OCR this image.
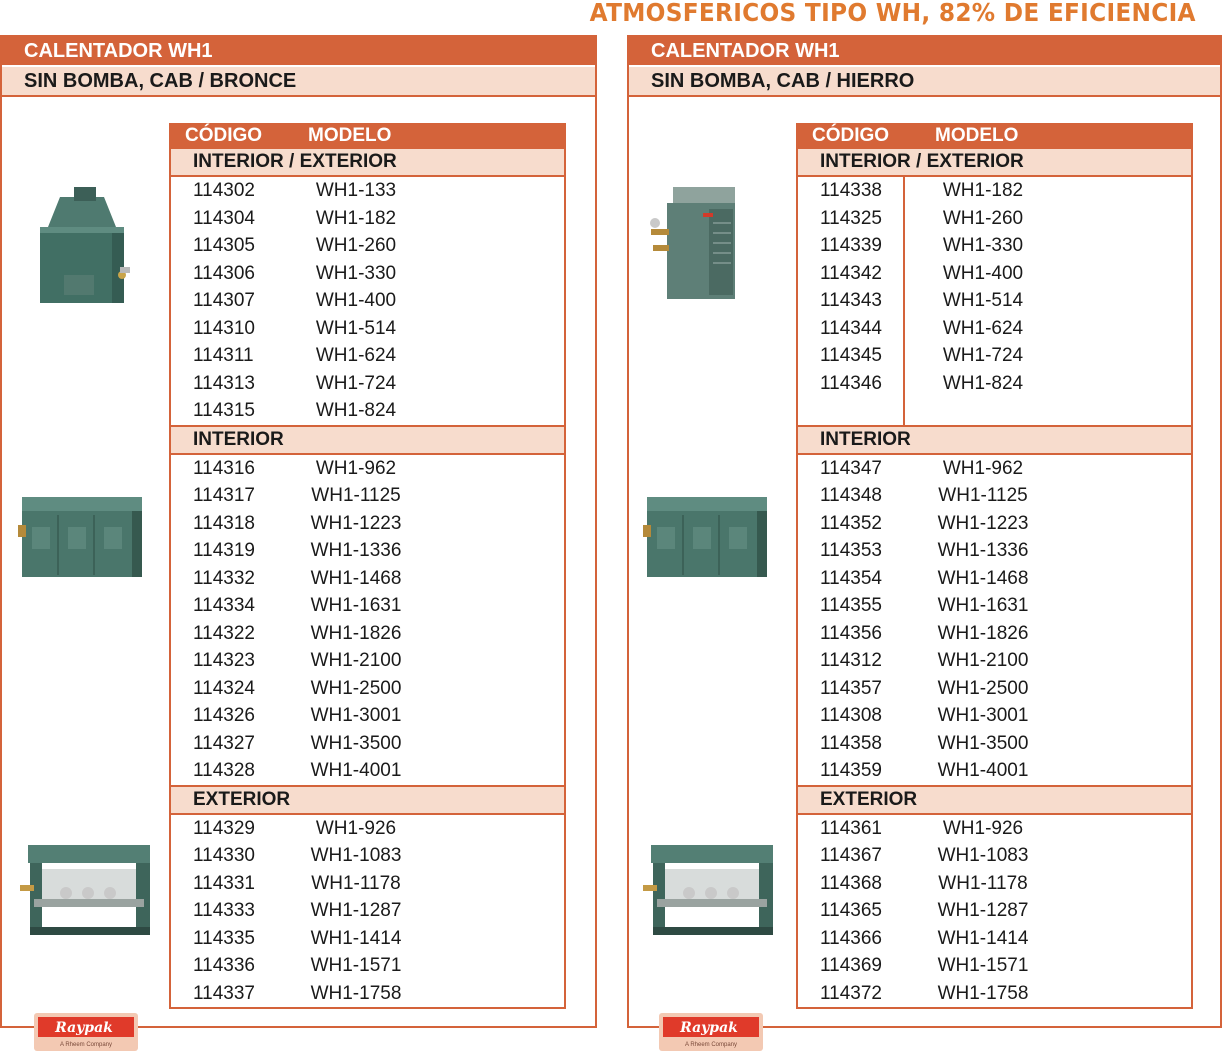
ATMOSFERICOS TIPO WH, 82% DE EFICIENCIA
CALENTADOR WH1
SIN BOMBA, CAB / BRONCE
Raypak
A Rheem Company
CÓDIGO MODELO
INTERIOR / EXTERIOR
114302	WH1-133
114304	WH1-182
114305	WH1-260
114306	WH1-330
114307	WH1-400
114310	WH1-514
114311	WH1-624
114313	WH1-724
114315	WH1-824
INTERIOR
114316	WH1-962
114317	WH1-1125
114318	WH1-1223
114319	WH1-1336
114332	WH1-1468
114334	WH1-1631
114322	WH1-1826
114323	WH1-2100
114324	WH1-2500
114326	WH1-3001
114327	WH1-3500
114328	WH1-4001
EXTERIOR
114329	WH1-926
114330	WH1-1083
114331	WH1-1178
114333	WH1-1287
114335	WH1-1414
114336	WH1-1571
114337	WH1-1758
CALENTADOR WH1
SIN BOMBA, CAB / HIERRO
Raypak
A Rheem Company
CÓDIGO MODELO
INTERIOR / EXTERIOR
114338	WH1-182
114325	WH1-260
114339	WH1-330
114342	WH1-400
114343	WH1-514
114344	WH1-624
114345	WH1-724
114346	WH1-824
INTERIOR
114347	WH1-962
114348	WH1-1125
114352	WH1-1223
114353	WH1-1336
114354	WH1-1468
114355	WH1-1631
114356	WH1-1826
114312	WH1-2100
114357	WH1-2500
114308	WH1-3001
114358	WH1-3500
114359	WH1-4001
EXTERIOR
114361	WH1-926
114367	WH1-1083
114368	WH1-1178
114365	WH1-1287
114366	WH1-1414
114369	WH1-1571
114372	WH1-1758
